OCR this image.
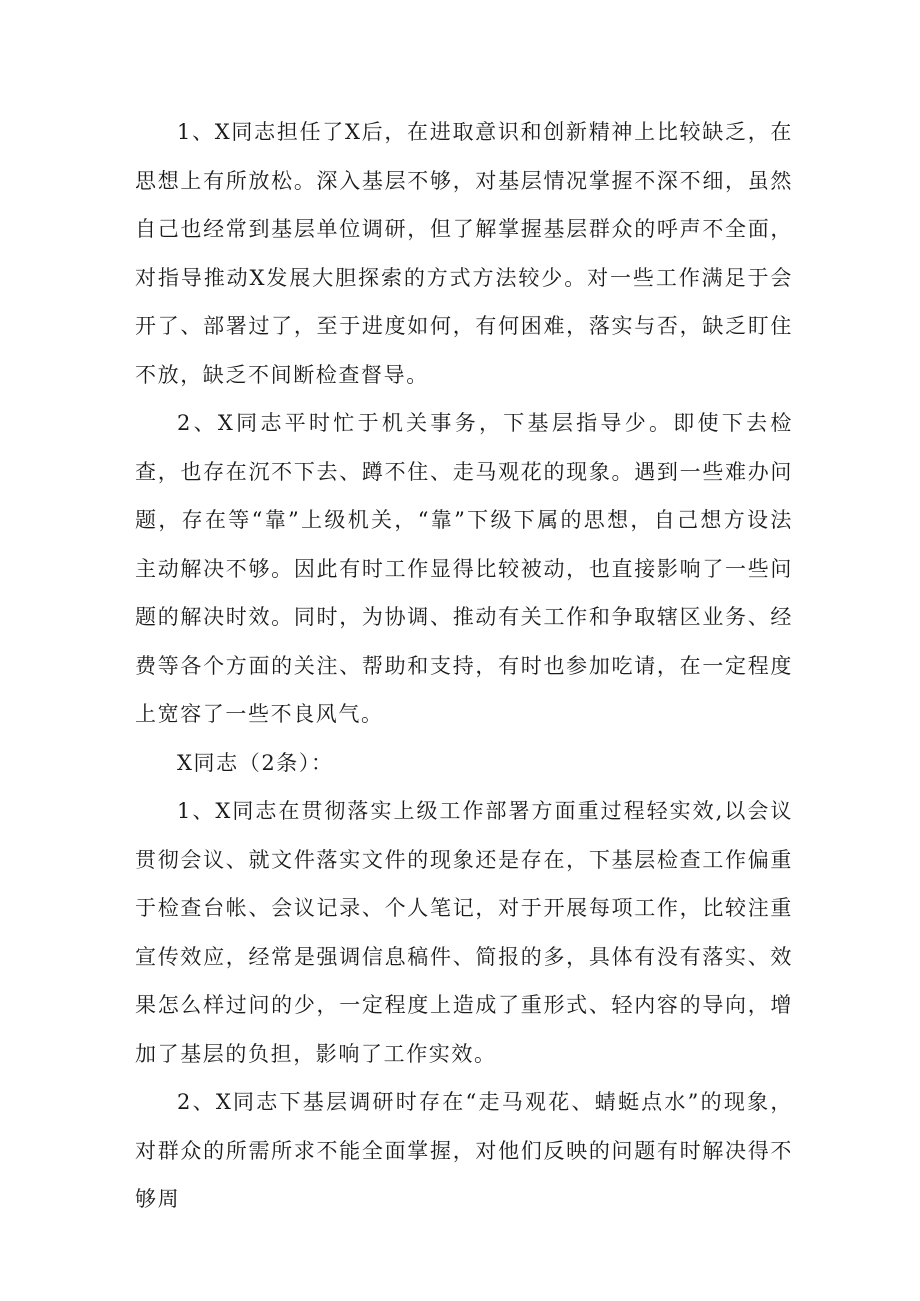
1、X同志担任了X后，在进取意识和创新精神上比较缺乏，在思想上有所放松。深入基层不够，对基层情况掌握不深不细，虽然自己也经常到基层单位调研，但了解掌握基层群众的呼声不全面，对指导推动X发展大胆探索的方式方法较少。对一些工作满足于会开了、部署过了，至于进度如何，有何困难，落实与否，缺乏盯住不放，缺乏不间断检查督导。

2、X同志平时忙于机关事务，下基层指导少。即使下去检查，也存在沉不下去、蹲不住、走马观花的现象。遇到一些难办问题，存在等“靠”上级机关，“靠”下级下属的思想，自己想方设法主动解决不够。因此有时工作显得比较被动，也直接影响了一些问题的解决时效。同时，为协调、推动有关工作和争取辖区业务、经费等各个方面的关注、帮助和支持，有时也参加吃请，在一定程度上宽容了一些不良风气。

X同志（2条）：

1、X同志在贯彻落实上级工作部署方面重过程轻实效,以会议贯彻会议、就文件落实文件的现象还是存在，下基层检查工作偏重于检查台帐、会议记录、个人笔记，对于开展每项工作，比较注重宣传效应，经常是强调信息稿件、简报的多，具体有没有落实、效果怎么样过问的少，一定程度上造成了重形式、轻内容的导向，增加了基层的负担，影响了工作实效。

2、X同志下基层调研时存在“走马观花、蜻蜓点水”的现象，对群众的所需所求不能全面掌握，对他们反映的问题有时解决得不够周
